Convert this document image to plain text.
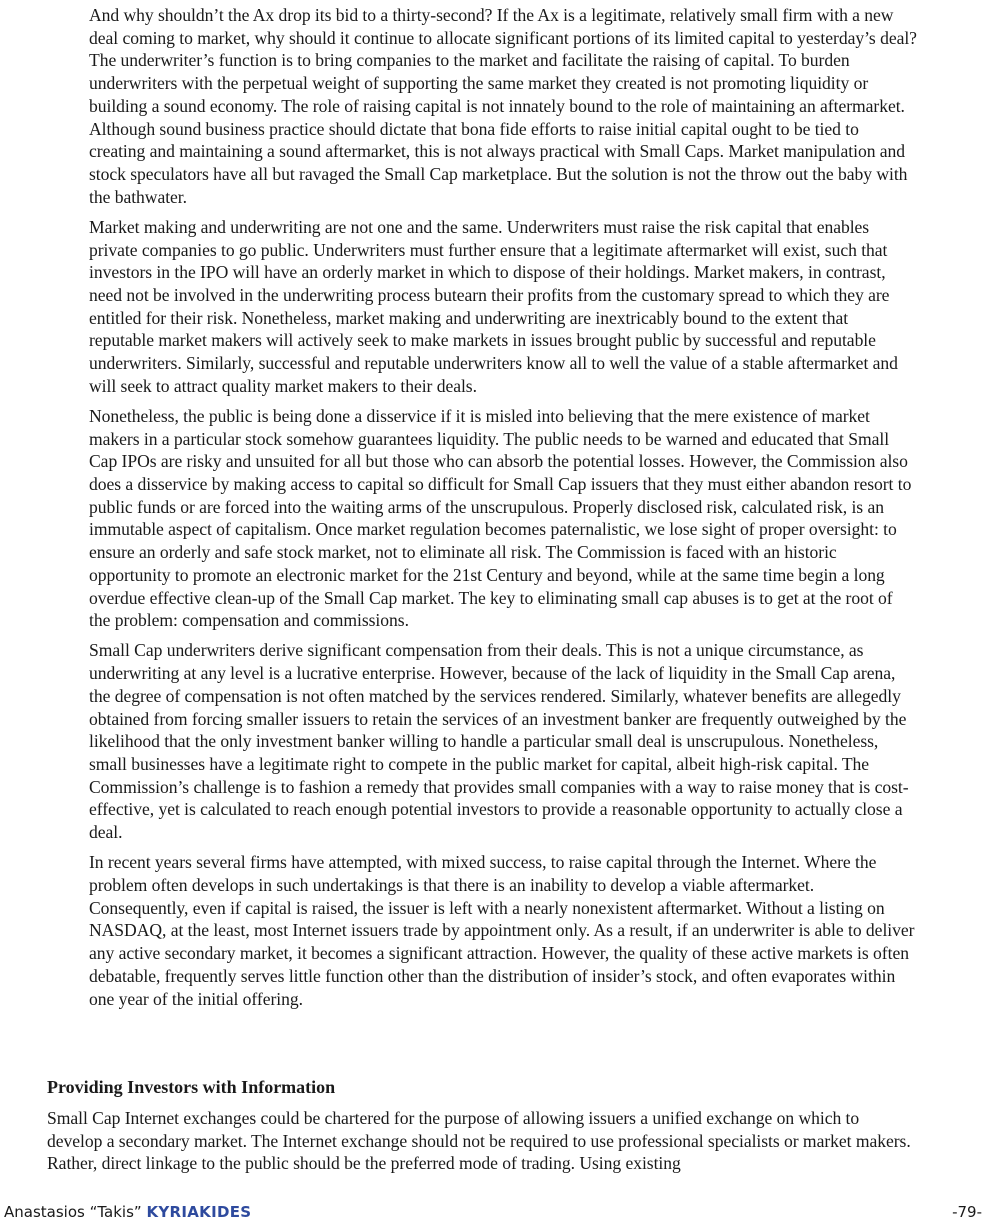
And why shouldn’t the Ax drop its bid to a thirty-second? If the Ax is a legitimate, relatively small firm with a new deal coming to market, why should it continue to allocate significant portions of its limited capital to yesterday’s deal? The underwriter’s function is to bring companies to the market and facilitate the raising of capital. To burden underwriters with the perpetual weight of supporting the same market they created is not promoting liquidity or building a sound economy. The role of raising capital is not innately bound to the role of maintaining an aftermarket. Although sound business practice should dictate that bona fide efforts to raise initial capital ought to be tied to creating and maintaining a sound aftermarket, this is not always practical with Small Caps. Market manipulation and stock speculators have all but ravaged the Small Cap marketplace. But the solution is not the throw out the baby with the bathwater.

Market making and underwriting are not one and the same. Underwriters must raise the risk capital that enables private companies to go public. Underwriters must further ensure that a legitimate aftermarket will exist, such that investors in the IPO will have an orderly market in which to dispose of their holdings. Market makers, in contrast, need not be involved in the underwriting process butearn their profits from the customary spread to which they are entitled for their risk. Nonetheless, market making and underwriting are inextricably bound to the extent that reputable market makers will actively seek to make markets in issues brought public by successful and reputable underwriters. Similarly, successful and reputable underwriters know all to well the value of a stable aftermarket and will seek to attract quality market makers to their deals.

Nonetheless, the public is being done a disservice if it is misled into believing that the mere existence of market makers in a particular stock somehow guarantees liquidity. The public needs to be warned and educated that Small Cap IPOs are risky and unsuited for all but those who can absorb the potential losses. However, the Commission also does a disservice by making access to capital so difficult for Small Cap issuers that they must either abandon resort to public funds or are forced into the waiting arms of the unscrupulous. Properly disclosed risk, calculated risk, is an immutable aspect of capitalism. Once market regulation becomes paternalistic, we lose sight of proper oversight: to ensure an orderly and safe stock market, not to eliminate all risk. The Commission is faced with an historic opportunity to promote an electronic market for the 21st Century and beyond, while at the same time begin a long overdue effective clean-up of the Small Cap market. The key to eliminating small cap abuses is to get at the root of the problem: compensation and commissions.

Small Cap underwriters derive significant compensation from their deals. This is not a unique circumstance, as underwriting at any level is a lucrative enterprise. However, because of the lack of liquidity in the Small Cap arena, the degree of compensation is not often matched by the services rendered. Similarly, whatever benefits are allegedly obtained from forcing smaller issuers to retain the services of an investment banker are frequently outweighed by the likelihood that the only investment banker willing to handle a particular small deal is unscrupulous. Nonetheless, small businesses have a legitimate right to compete in the public market for capital, albeit high-risk capital. The Commission’s challenge is to fashion a remedy that provides small companies with a way to raise money that is cost-effective, yet is calculated to reach enough potential investors to provide a reasonable opportunity to actually close a deal.

In recent years several firms have attempted, with mixed success, to raise capital through the Internet. Where the problem often develops in such undertakings is that there is an inability to develop a viable aftermarket. Consequently, even if capital is raised, the issuer is left with a nearly nonexistent aftermarket. Without a listing on NASDAQ, at the least, most Internet issuers trade by appointment only. As a result, if an underwriter is able to deliver any active secondary market, it becomes a significant attraction. However, the quality of these active markets is often debatable, frequently serves little function other than the distribution of insider’s stock, and often evaporates within one year of the initial offering.

Providing Investors with Information

Small Cap Internet exchanges could be chartered for the purpose of allowing issuers a unified exchange on which to develop a secondary market. The Internet exchange should not be required to use professional specialists or market makers. Rather, direct linkage to the public should be the preferred mode of trading. Using existing

Anastasios “Takis” KYRIAKIDES	-79-
